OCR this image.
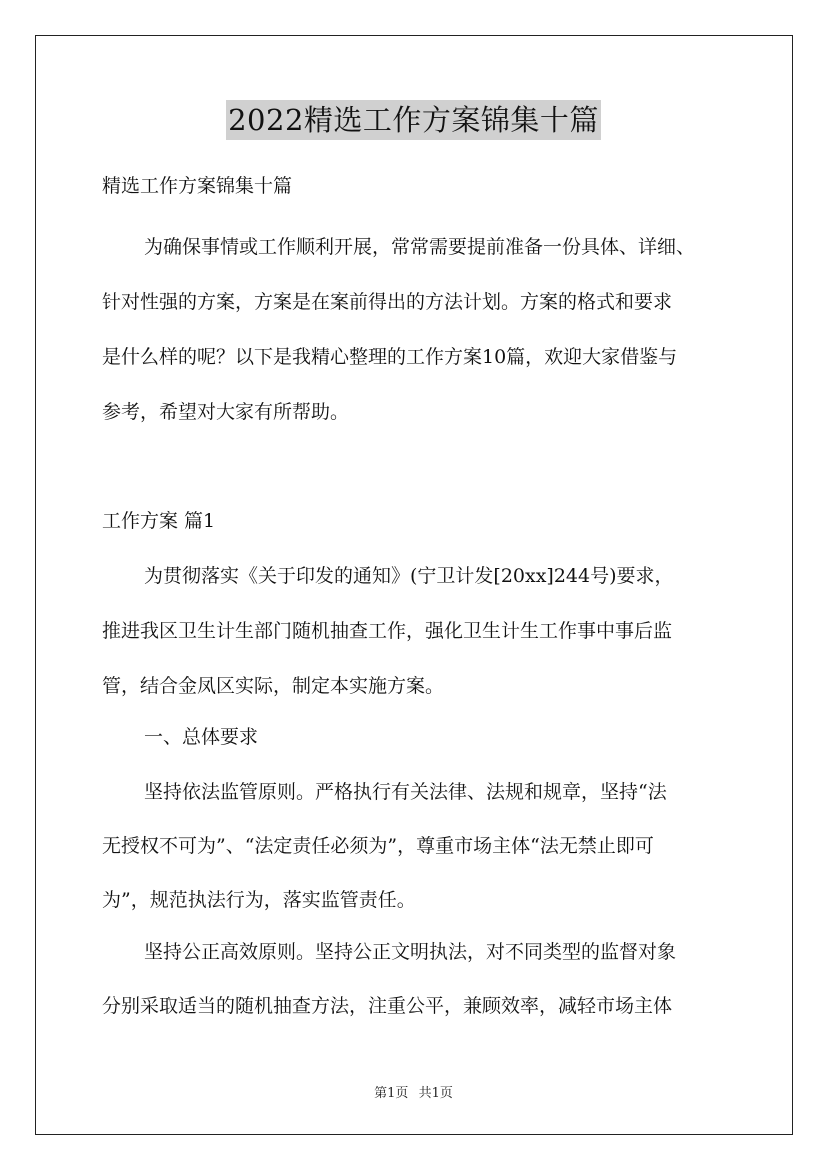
2022精选工作方案锦集十篇
精选工作方案锦集十篇
为确保事情或工作顺利开展，常常需要提前准备一份具体、详细、
针对性强的方案，方案是在案前得出的方法计划。方案的格式和要求
是什么样的呢？以下是我精心整理的工作方案10篇，欢迎大家借鉴与
参考，希望对大家有所帮助。
工作方案 篇1
为贯彻落实《关于印发的通知》(宁卫计发[20xx]244号)要求，
推进我区卫生计生部门随机抽查工作，强化卫生计生工作事中事后监
管，结合金凤区实际，制定本实施方案。
一、总体要求
坚持依法监管原则。严格执行有关法律、法规和规章，坚持“法
无授权不可为”、“法定责任必须为”，尊重市场主体“法无禁止即可
为”，规范执法行为，落实监管责任。
坚持公正高效原则。坚持公正文明执法，对不同类型的监督对象
分别采取适当的随机抽查方法，注重公平，兼顾效率，减轻市场主体
第1页 共1页
